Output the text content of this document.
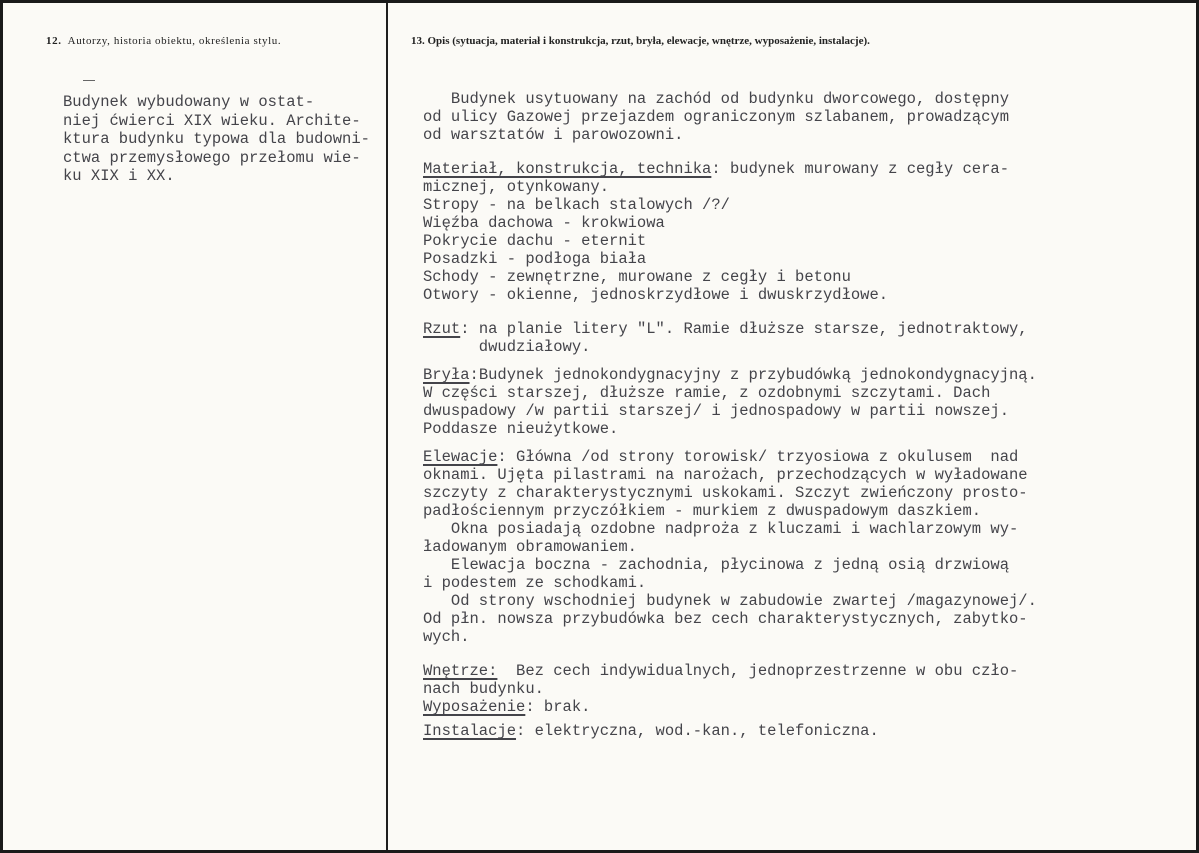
12. Autorzy, historia obiektu, określenia stylu.	13. Opis (sytuacja, materiał i konstrukcja, rzut, bryła, elewacje, wnętrze, wyposażenie, instalacje).
Budynek wybudowany w ostat-
niej ćwierci XIX wieku. Archite-
ktura budynku typowa dla budowni-
ctwa przemysłowego przełomu wie-
ku XIX i XX.
Budynek usytuowany na zachód od budynku dworcowego, dostępny
od ulicy Gazowej przejazdem ograniczonym szlabanem, prowadzącym
od warsztatów i parowozowni.
Materiał, konstrukcja, technika: budynek murowany z cegły cera-
micznej, otynkowany.
Stropy - na belkach stalowych /?/
Więźba dachowa - krokwiowa
Pokrycie dachu - eternit
Posadzki - podłoga biała
Schody - zewnętrzne, murowane z cegły i betonu
Otwory - okienne, jednoskrzydłowe i dwuskrzydłowe.
Rzut: na planie litery "L". Ramie dłuższe starsze, jednotraktowy,
dwudziałowy.
Bryła:Budynek jednokondygnacyjny z przybudówką jednokondygnacyjną.
W części starszej, dłuższe ramie, z ozdobnymi szczytami. Dach
dwuspadowy /w partii starszej/ i jednospadowy w partii nowszej.
Poddasze nieużytkowe.
Elewacje: Główna /od strony torowisk/ trzyosiowa z okulusem  nad
oknami. Ujęta pilastrami na narożach, przechodzących w wyładowane
szczyty z charakterystycznymi uskokami. Szczyt zwieńczony prosto-
padłościennym przyczółkiem - murkiem z dwuspadowym daszkiem.
Okna posiadają ozdobne nadproża z kluczami i wachlarzowym wy-
ładowanym obramowaniem.
Elewacja boczna - zachodnia, płycinowa z jedną osią drzwiową
i podestem ze schodkami.
Od strony wschodniej budynek w zabudowie zwartej /magazynowej/.
Od płn. nowsza przybudówka bez cech charakterystycznych, zabytko-
wych.
Wnętrze:  Bez cech indywidualnych, jednoprzestrzenne w obu czło-
nach budynku.
Wyposażenie: brak.
Instalacje: elektryczna, wod.-kan., telefoniczna.
